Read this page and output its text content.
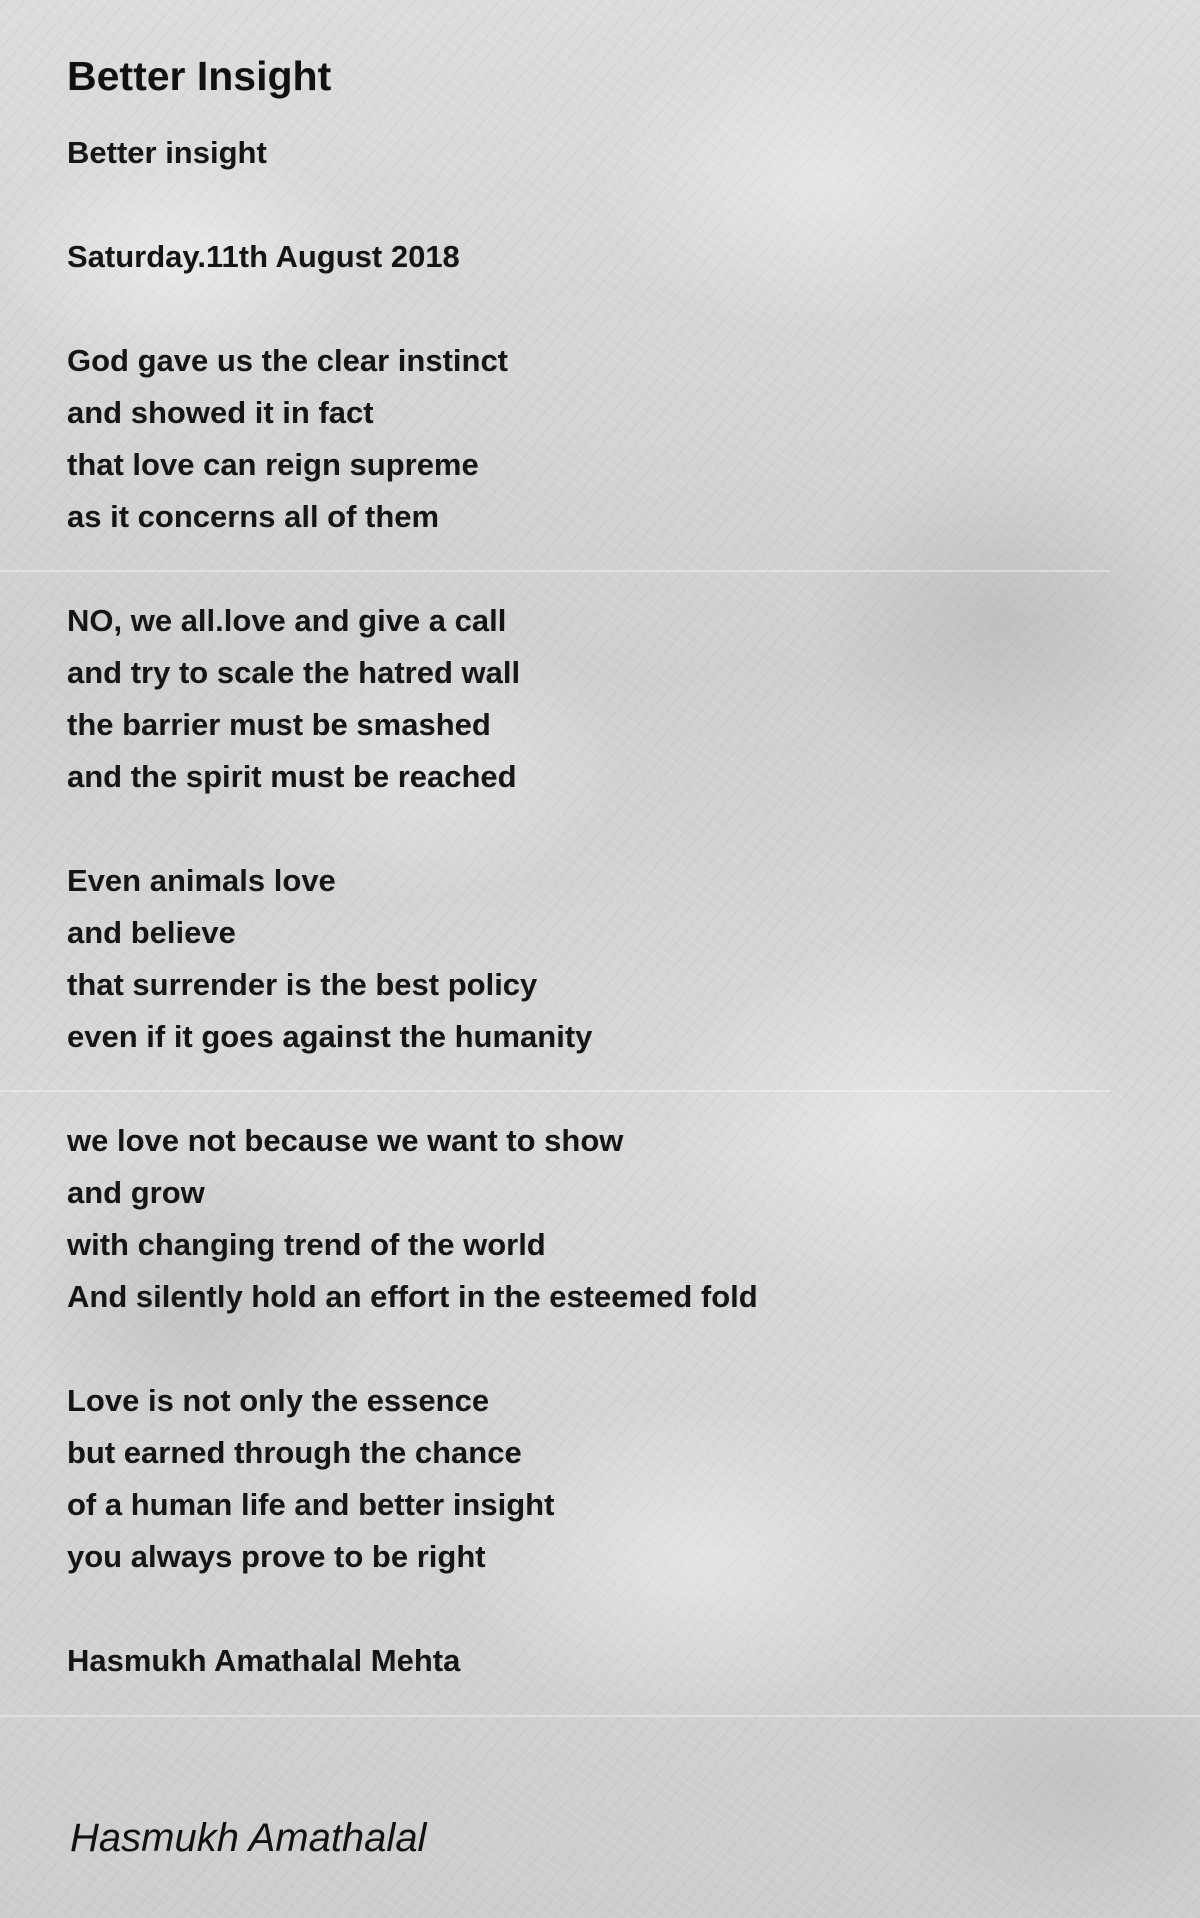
Better Insight
Better insight
Saturday.11th August 2018
God gave us the clear instinct
and showed it in fact
that love can reign supreme
as it concerns all of them
NO, we all.love and give a call
and try to scale the hatred wall
the barrier must be smashed
and the spirit must be reached
Even animals love
and believe
that surrender is the best policy
even if it goes against the humanity
we love not because we want to show
and grow
with changing trend of the world
And silently hold an effort in the esteemed fold
Love is not only the essence
but earned through the chance
of a human life and better insight
you always prove to be right
Hasmukh Amathalal Mehta
Hasmukh Amathalal
